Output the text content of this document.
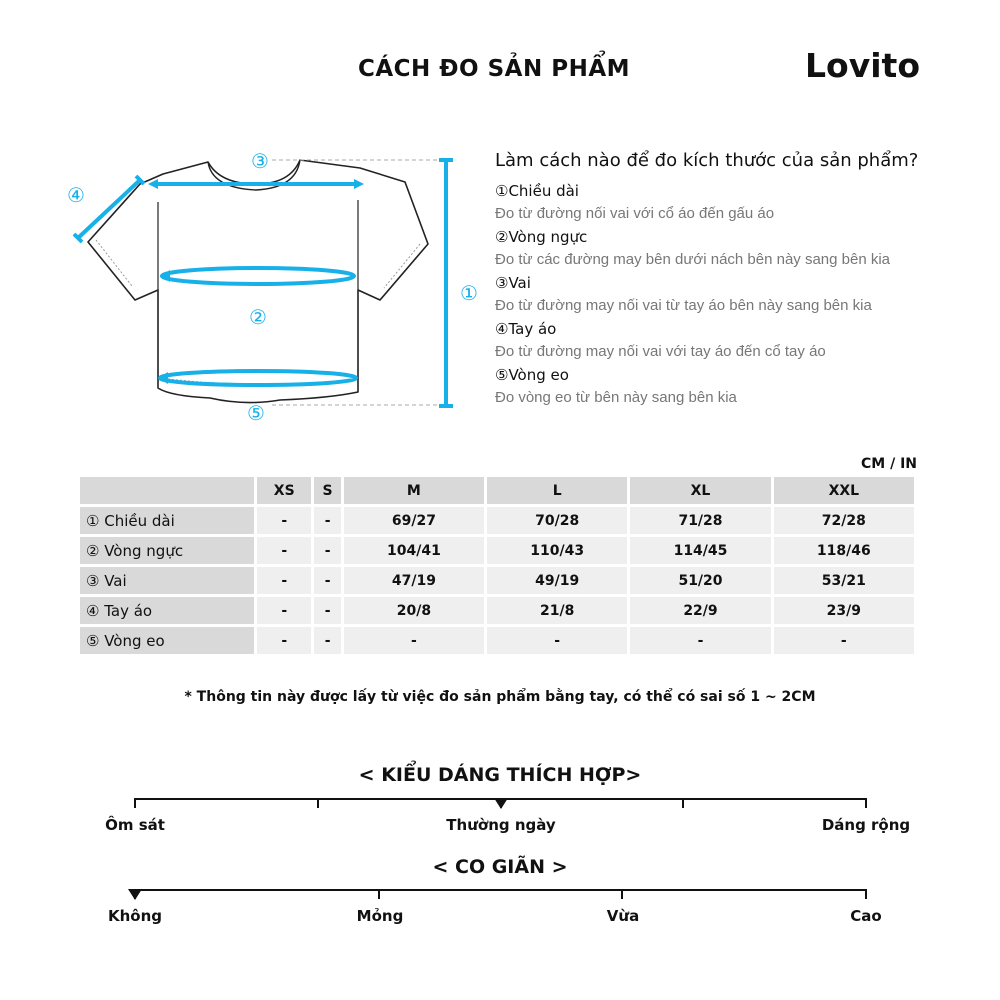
CÁCH ĐO SẢN PHẨM	Lovito
①
②
③
④
⑤
Làm cách nào để đo kích thước của sản phẩm?
①Chiều dài
Đo từ đường nối vai với cổ áo đến gấu áo
②Vòng ngực
Đo từ các đường may bên dưới nách bên này sang bên kia
③Vai
Đo từ đường may nối vai từ tay áo bên này sang bên kia
④Tay áo
Đo từ đường may nối vai với tay áo đến cổ tay áo
⑤Vòng eo
Đo vòng eo từ bên này sang bên kia
CM / IN
	XS	S	M	L	XL	XXL
① Chiều dài	-	-	69/27	70/28	71/28	72/28
② Vòng ngực	-	-	104/41	110/43	114/45	118/46
③ Vai	-	-	47/19	49/19	51/20	53/21
④ Tay áo	-	-	20/8	21/8	22/9	23/9
⑤ Vòng eo	-	-	-	-	-	-
* Thông tin này được lấy từ việc đo sản phẩm bằng tay, có thể có sai số 1 ~ 2CM
< KIỂU DÁNG THÍCH HỢP>
Ôm sát	Thường ngày	Dáng rộng
< CO GIÃN >
Không	Mỏng	Vừa	Cao
